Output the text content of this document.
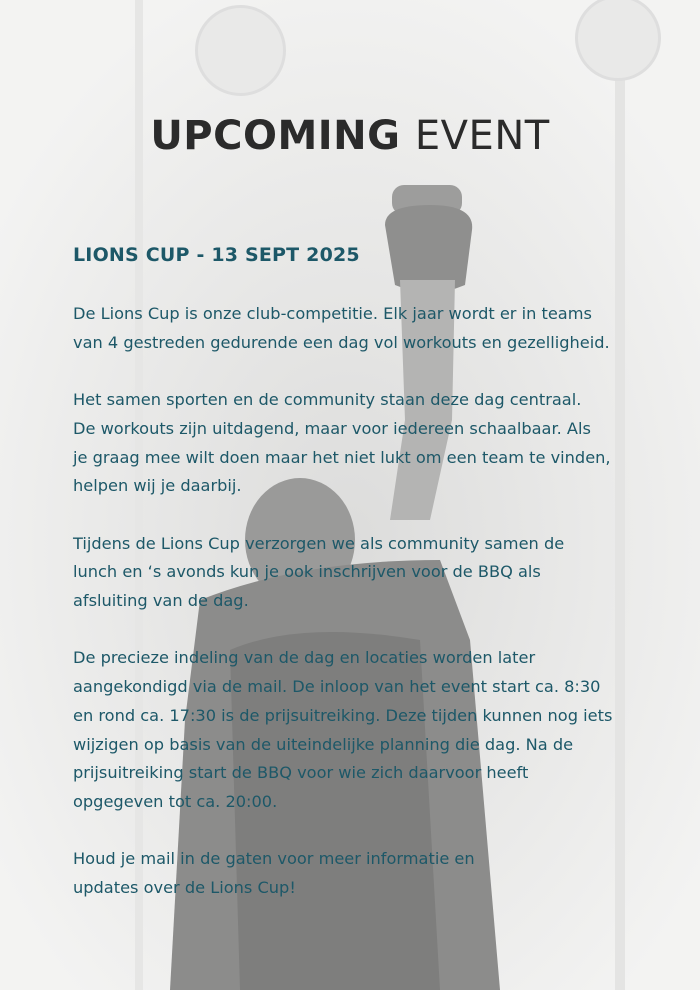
UPCOMING EVENT
LIONS CUP - 13 SEPT 2025

De Lions Cup is onze club-competitie. Elk jaar wordt er in teams
van 4 gestreden gedurende een dag vol workouts en gezelligheid.

Het samen sporten en de community staan deze dag centraal.
De workouts zijn uitdagend, maar voor iedereen schaalbaar. Als
je graag mee wilt doen maar het niet lukt om een team te vinden,
helpen wij je daarbij.

Tijdens de Lions Cup verzorgen we als community samen de
lunch en ‘s avonds kun je ook inschrijven voor de BBQ als
afsluiting van de dag.

De precieze indeling van de dag en locaties worden later
aangekondigd via de mail. De inloop van het event start ca. 8:30
en rond ca. 17:30 is de prijsuitreiking. Deze tijden kunnen nog iets
wijzigen op basis van de uiteindelijke planning die dag. Na de
prijsuitreiking start de BBQ voor wie zich daarvoor heeft
opgegeven tot ca. 20:00.

Houd je mail in de gaten voor meer informatie en
updates over de Lions Cup!
